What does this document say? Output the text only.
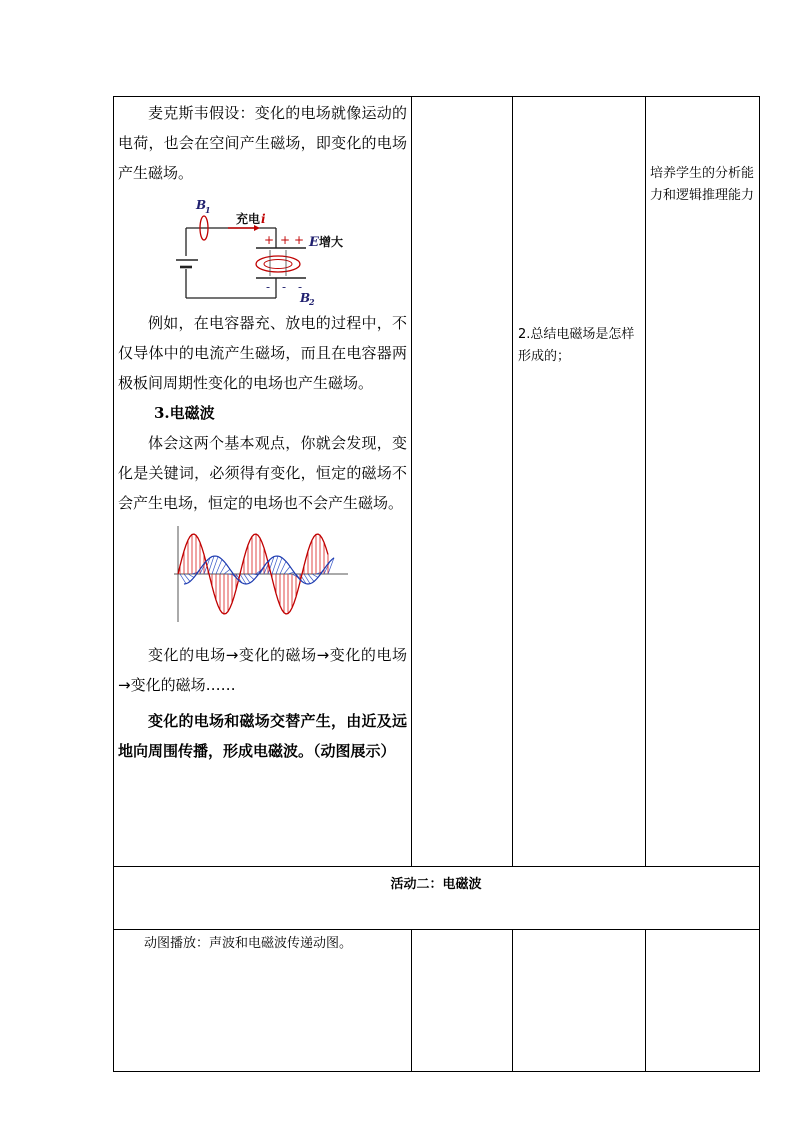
麦克斯韦假设：变化的电场就像运动的电荷，也会在空间产生磁场，即变化的电场产生磁场。

B
1
充电 i
+ + + E 增大
- - -
B
2

例如，在电容器充、放电的过程中，不仅导体中的电流产生磁场，而且在电容器两极板间周期性变化的电场也产生磁场。

3.电磁波

体会这两个基本观点，你就会发现，变化是关键词，必须得有变化，恒定的磁场不会产生电场，恒定的电场也不会产生磁场。

变化的电场→变化的磁场→变化的电场→变化的磁场……

变化的电场和磁场交替产生，由近及远地向周围传播，形成电磁波。（动图展示）

2.总结电磁场是怎样形成的；

培养学生的分析能力和逻辑推理能力

活动二：电磁波

动图播放：声波和电磁波传递动图。
